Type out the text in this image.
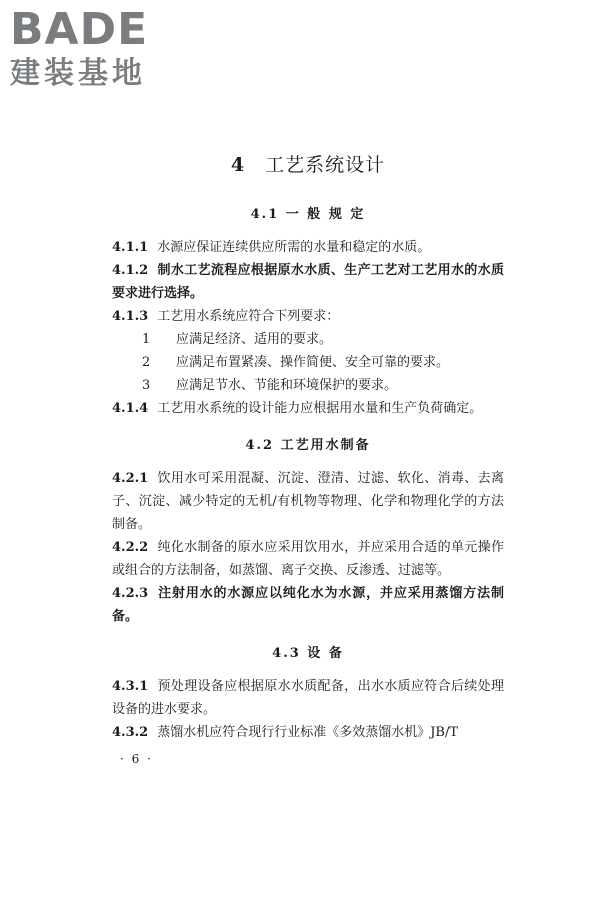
BADE
建装基地
4 工艺系统设计
4.1 一 般 规 定

4.1.1 水源应保证连续供应所需的水量和稳定的水质。

4.1.2 制水工艺流程应根据原水水质、生产工艺对工艺用水的水质要求进行选择。

4.1.3 工艺用水系统应符合下列要求：

1 应满足经济、适用的要求。

2 应满足布置紧凑、操作简便、安全可靠的要求。

3 应满足节水、节能和环境保护的要求。

4.1.4 工艺用水系统的设计能力应根据用水量和生产负荷确定。

4.2 工艺用水制备

4.2.1 饮用水可采用混凝、沉淀、澄清、过滤、软化、消毒、去离子、沉淀、减少特定的无机/有机物等物理、化学和物理化学的方法制备。

4.2.2 纯化水制备的原水应采用饮用水，并应采用合适的单元操作或组合的方法制备，如蒸馏、离子交换、反渗透、过滤等。

4.2.3 注射用水的水源应以纯化水为水源，并应采用蒸馏方法制备。

4.3 设 备

4.3.1 预处理设备应根据原水水质配备，出水水质应符合后续处理设备的进水要求。

4.3.2 蒸馏水机应符合现行行业标准《多效蒸馏水机》JB/T

· 6 ·
